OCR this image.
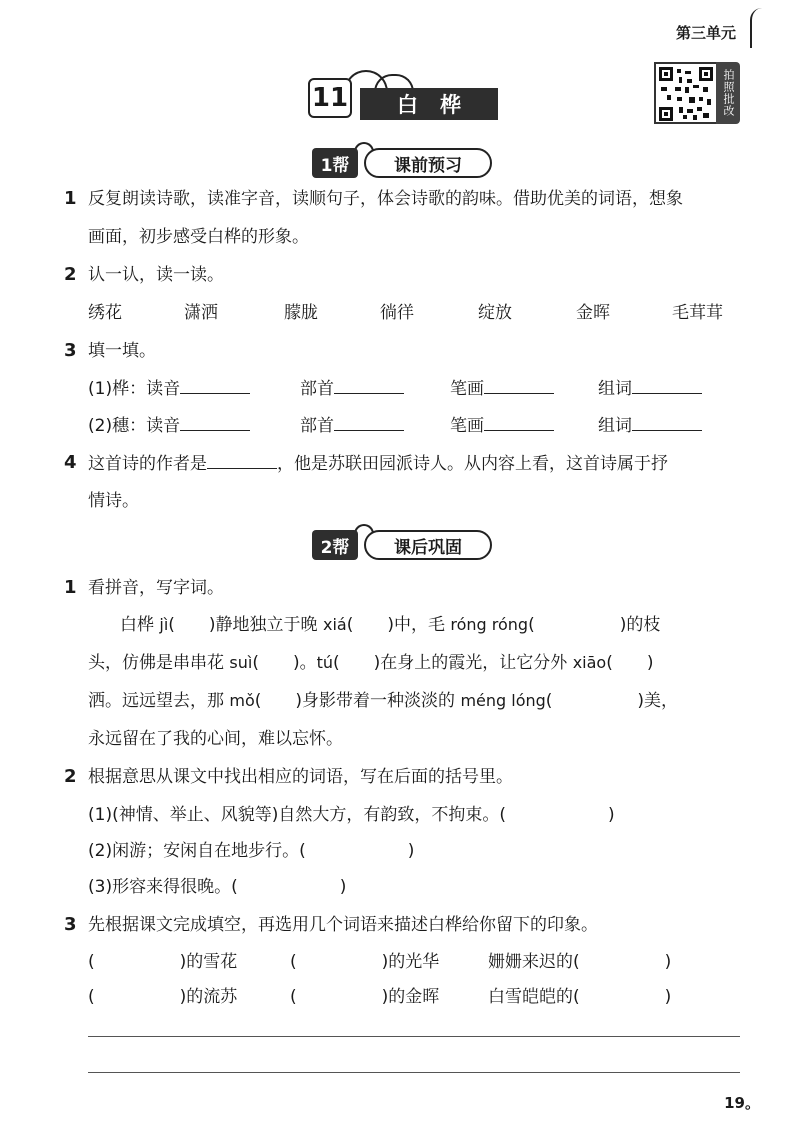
第三单元
11	白桦	拍照批改
1帮	课前预习
1 反复朗读诗歌，读准字音，读顺句子，体会诗歌的韵味。借助优美的词语，想象
画面，初步感受白桦的形象。
2 认一认，读一读。
绣花	潇洒	朦胧	徜徉	绽放	金晖	毛茸茸
3 填一填。
(1)桦：读音	部首	笔画	组词
(2)穗：读音	部首	笔画	组词
4 这首诗的作者是	，他是苏联田园派诗人。从内容上看，这首诗属于抒
情诗。
2帮	课后巩固
1 看拼音，写字词。
白桦 jì(　　)静地独立于晚 xiá(　　)中，毛 róng róng(　　　　　)的枝
头，仿佛是串串花 suì(　　)。tú(　　)在身上的霞光，让它分外 xiāo(　　)
洒。远远望去，那 mǒ(　　)身影带着一种淡淡的 méng lóng(　　　　　)美，
永远留在了我的心间，难以忘怀。
2 根据意思从课文中找出相应的词语，写在后面的括号里。
(1)(神情、举止、风貌等)自然大方，有韵致，不拘束。(　　　　　　)
(2)闲游；安闲自在地步行。(　　　　　　)
(3)形容来得很晚。(　　　　　　)
3 先根据课文完成填空，再选用几个词语来描述白桦给你留下的印象。
(　　　　　)的雪花	(　　　　　)的光华	姗姗来迟的(　　　　　)
(　　　　　)的流苏	(　　　　　)的金晖	白雪皑皑的(　　　　　)
19。
